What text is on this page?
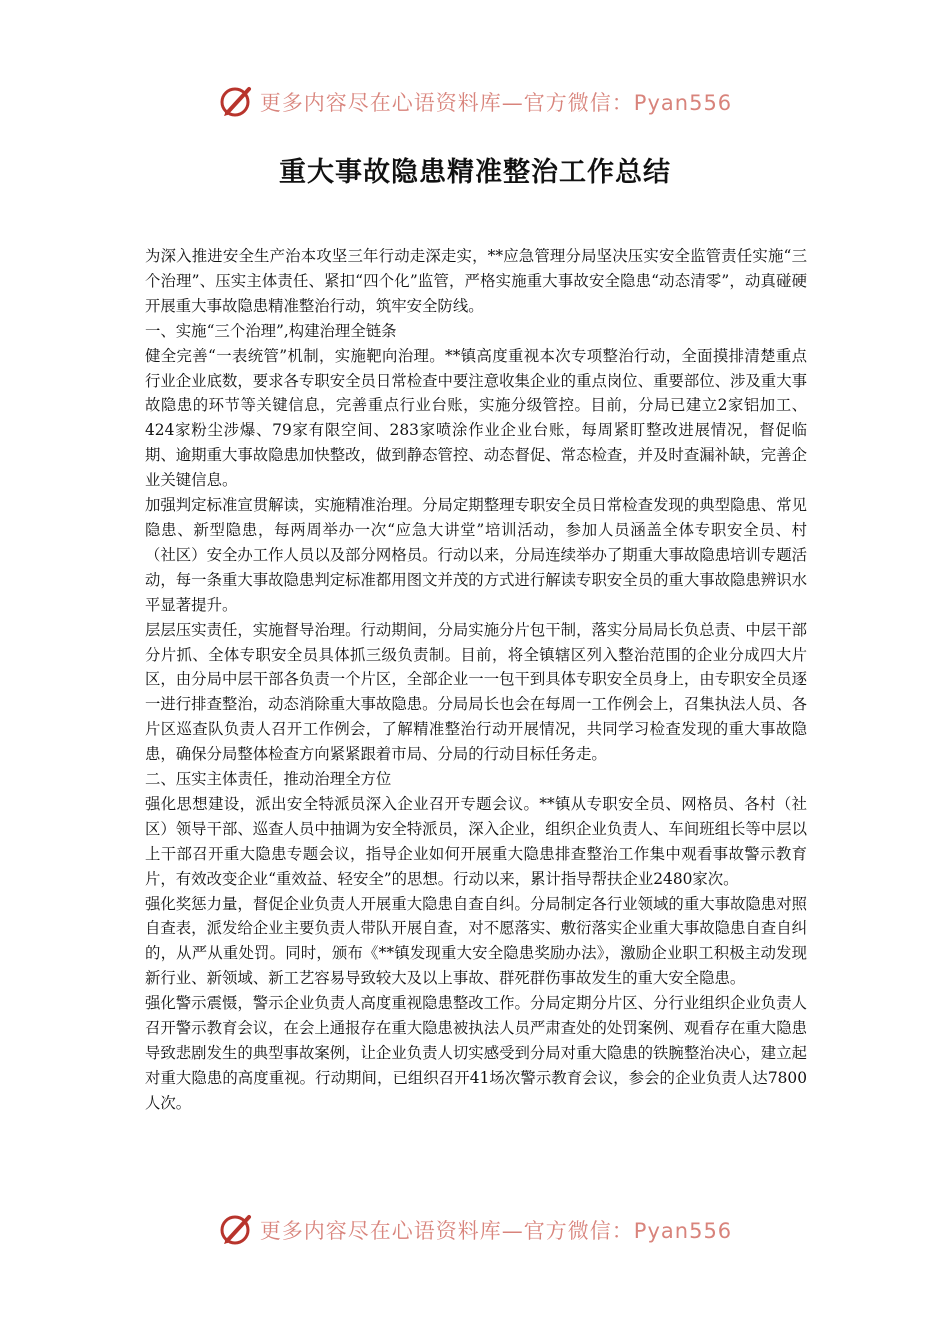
更多内容尽在心语资料库—官方微信：Pyan556
重大事故隐患精准整治工作总结

为深入推进安全生产治本攻坚三年行动走深走实，**应急管理分局坚决压实安全监管责任实施“三个治理”、压实主体责任、紧扣“四个化”监管，严格实施重大事故安全隐患“动态清零”，动真碰硬开展重大事故隐患精准整治行动，筑牢安全防线。

一、实施“三个治理”,构建治理全链条

健全完善“一表统管”机制，实施靶向治理。**镇高度重视本次专项整治行动，全面摸排清楚重点行业企业底数，要求各专职安全员日常检查中要注意收集企业的重点岗位、重要部位、涉及重大事故隐患的环节等关键信息，完善重点行业台账，实施分级管控。目前，分局已建立2家铝加工、424家粉尘涉爆、79家有限空间、283家喷涂作业企业台账，每周紧盯整改进展情况，督促临期、逾期重大事故隐患加快整改，做到静态管控、动态督促、常态检查，并及时查漏补缺，完善企业关键信息。

加强判定标准宣贯解读，实施精准治理。分局定期整理专职安全员日常检查发现的典型隐患、常见隐患、新型隐患，每两周举办一次“应急大讲堂”培训活动，参加人员涵盖全体专职安全员、村（社区）安全办工作人员以及部分网格员。行动以来，分局连续举办了期重大事故隐患培训专题活动，每一条重大事故隐患判定标准都用图文并茂的方式进行解读专职安全员的重大事故隐患辨识水平显著提升。

层层压实责任，实施督导治理。行动期间，分局实施分片包干制，落实分局局长负总责、中层干部分片抓、全体专职安全员具体抓三级负责制。目前，将全镇辖区列入整治范围的企业分成四大片区，由分局中层干部各负责一个片区，全部企业一一包干到具体专职安全员身上，由专职安全员逐一进行排查整治，动态消除重大事故隐患。分局局长也会在每周一工作例会上，召集执法人员、各片区巡查队负责人召开工作例会，了解精准整治行动开展情况，共同学习检查发现的重大事故隐患，确保分局整体检查方向紧紧跟着市局、分局的行动目标任务走。

二、压实主体责任，推动治理全方位

强化思想建设，派出安全特派员深入企业召开专题会议。**镇从专职安全员、网格员、各村（社区）领导干部、巡查人员中抽调为安全特派员，深入企业，组织企业负责人、车间班组长等中层以上干部召开重大隐患专题会议，指导企业如何开展重大隐患排查整治工作集中观看事故警示教育片，有效改变企业“重效益、轻安全”的思想。行动以来，累计指导帮扶企业2480家次。

强化奖惩力量，督促企业负责人开展重大隐患自查自纠。分局制定各行业领域的重大事故隐患对照自查表，派发给企业主要负责人带队开展自查，对不愿落实、敷衍落实企业重大事故隐患自查自纠的，从严从重处罚。同时，颁布《**镇发现重大安全隐患奖励办法》，激励企业职工积极主动发现新行业、新领域、新工艺容易导致较大及以上事故、群死群伤事故发生的重大安全隐患。

强化警示震慑，警示企业负责人高度重视隐患整改工作。分局定期分片区、分行业组织企业负责人召开警示教育会议，在会上通报存在重大隐患被执法人员严肃查处的处罚案例、观看存在重大隐患导致悲剧发生的典型事故案例，让企业负责人切实感受到分局对重大隐患的铁腕整治决心，建立起对重大隐患的高度重视。行动期间，已组织召开41场次警示教育会议，参会的企业负责人达7800人次。

更多内容尽在心语资料库—官方微信：Pyan556
